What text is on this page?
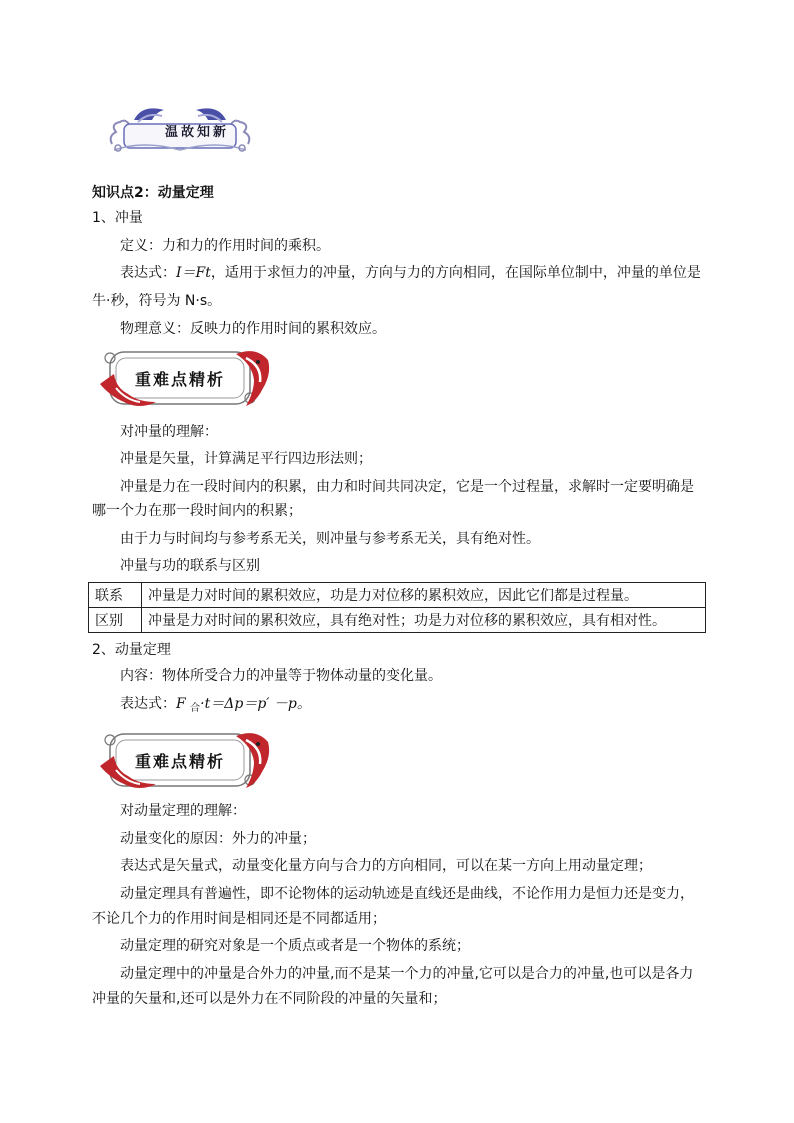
温故知新
知识点2：动量定理
1、冲量
定义：力和力的作用时间的乘积。
表达式：I＝Ft，适用于求恒力的冲量，方向与力的方向相同，在国际单位制中，冲量的单位是
牛·秒，符号为 N·s。
物理意义：反映力的作用时间的累积效应。
重难点精析
对冲量的理解：
冲量是矢量，计算满足平行四边形法则；
冲量是力在一段时间内的积累，由力和时间共同决定，它是一个过程量，求解时一定要明确是
哪一个力在那一段时间内的积累；
由于力与时间均与参考系无关，则冲量与参考系无关，具有绝对性。
冲量与功的联系与区别
联系	冲量是力对时间的累积效应，功是力对位移的累积效应，因此它们都是过程量。
区别	冲量是力对时间的累积效应，具有绝对性；功是力对位移的累积效应，具有相对性。
2、动量定理
内容：物体所受合力的冲量等于物体动量的变化量。
表达式：F $_合$·t＝Δp＝p′ －p。
重难点精析
对动量定理的理解：
动量变化的原因：外力的冲量；
表达式是矢量式，动量变化量方向与合力的方向相同，可以在某一方向上用动量定理；
动量定理具有普遍性，即不论物体的运动轨迹是直线还是曲线，不论作用力是恒力还是变力，
不论几个力的作用时间是相同还是不同都适用；
动量定理的研究对象是一个质点或者是一个物体的系统；
动量定理中的冲量是合外力的冲量,而不是某一个力的冲量,它可以是合力的冲量,也可以是各力
冲量的矢量和,还可以是外力在不同阶段的冲量的矢量和；
